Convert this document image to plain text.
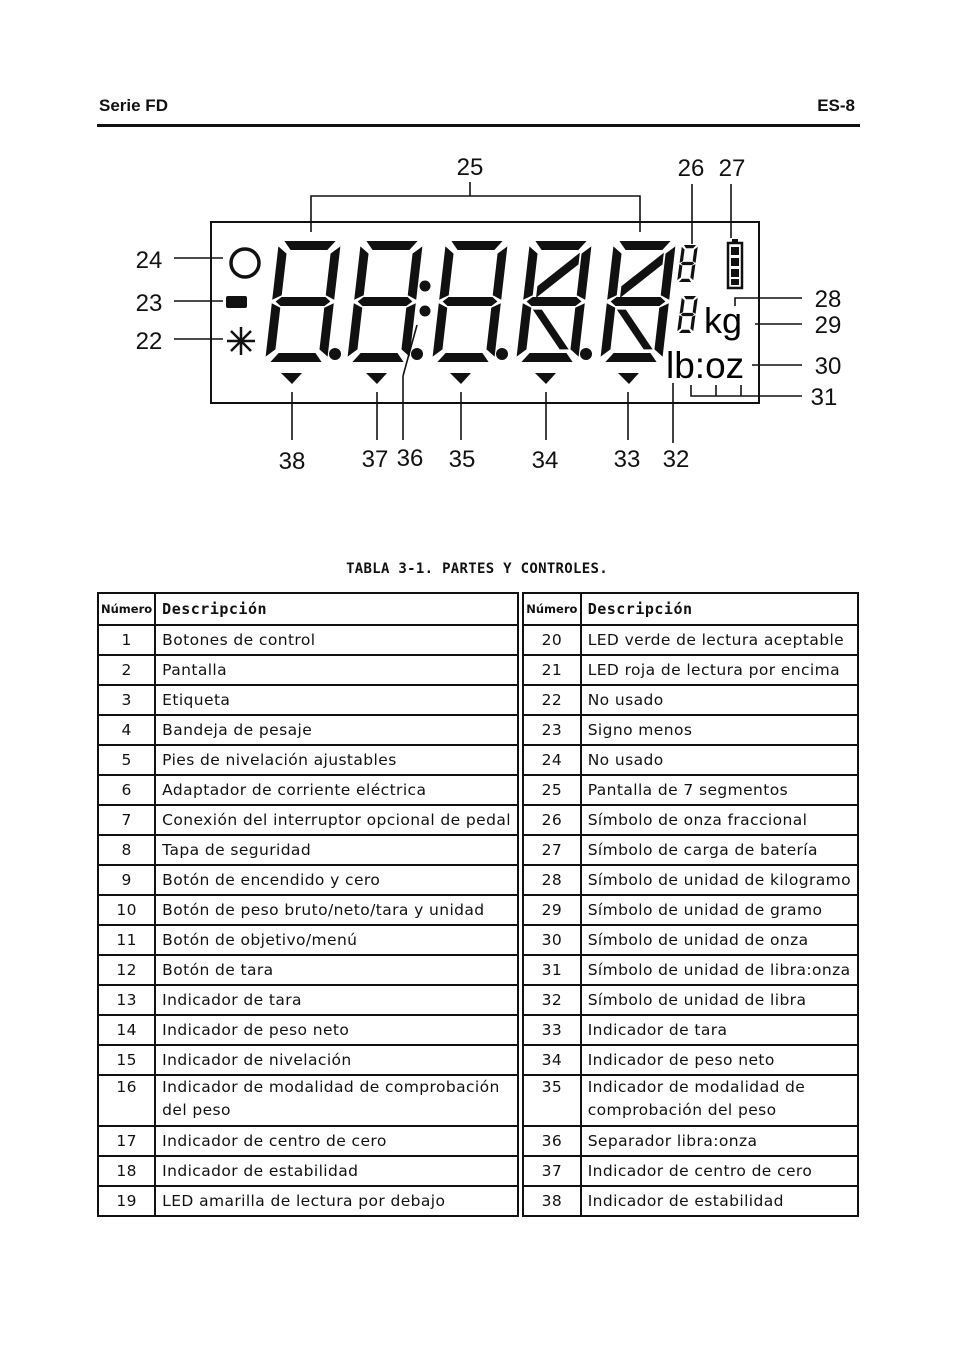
Serie FD	ES-8
kg
lb:oz
24
23
22
25	26 27
28
29
30
31
38 37 36 35 34 33 32
TABLA 3-1. PARTES Y CONTROLES.
Número	Descripción
1	Botones de control
2	Pantalla
3	Etiqueta
4	Bandeja de pesaje
5	Pies de nivelación ajustables
6	Adaptador de corriente eléctrica
7	Conexión del interruptor opcional de pedal
8	Tapa de seguridad
9	Botón de encendido y cero
10	Botón de peso bruto/neto/tara y unidad
11	Botón de objetivo/menú
12	Botón de tara
13	Indicador de tara
14	Indicador de peso neto
15	Indicador de nivelación
16	Indicador de modalidad de comprobación del peso
17	Indicador de centro de cero
18	Indicador de estabilidad
19	LED amarilla de lectura por debajo
Número	Descripción
20	LED verde de lectura aceptable
21	LED roja de lectura por encima
22	No usado
23	Signo menos
24	No usado
25	Pantalla de 7 segmentos
26	Símbolo de onza fraccional
27	Símbolo de carga de batería
28	Símbolo de unidad de kilogramo
29	Símbolo de unidad de gramo
30	Símbolo de unidad de onza
31	Símbolo de unidad de libra:onza
32	Símbolo de unidad de libra
33	Indicador de tara
34	Indicador de peso neto
35	Indicador de modalidad de comprobación del peso
36	Separador libra:onza
37	Indicador de centro de cero
38	Indicador de estabilidad
